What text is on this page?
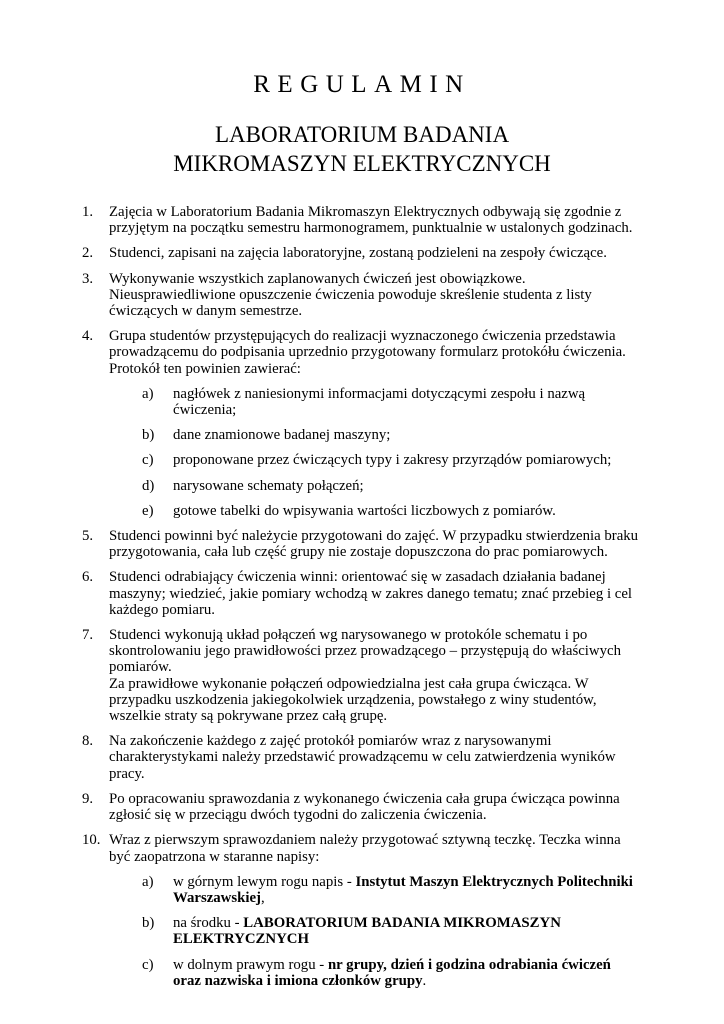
REGULAMIN
LABORATORIUM BADANIA
MIKROMASZYN ELEKTRYCZNYCH
1.	Zajęcia w Laboratorium Badania Mikromaszyn Elektrycznych odbywają się zgodnie z przyjętym na początku semestru harmonogramem, punktualnie w ustalonych godzinach.
2.	Studenci, zapisani na zajęcia laboratoryjne, zostaną podzieleni na zespoły ćwiczące.
3.	Wykonywanie wszystkich zaplanowanych ćwiczeń jest obowiązkowe. Nieusprawiedliwione opuszczenie ćwiczenia powoduje skreślenie studenta z listy ćwiczących w danym semestrze.
4.	Grupa studentów przystępujących do realizacji wyznaczonego ćwiczenia przedstawia prowadzącemu do podpisania uprzednio przygotowany formularz protokółu ćwiczenia. Protokół ten powinien zawierać:
a) nagłówek z naniesionymi informacjami dotyczącymi zespołu i nazwą ćwiczenia;
b) dane znamionowe badanej maszyny;
c) proponowane przez ćwiczących typy i zakresy przyrządów pomiarowych;
d) narysowane schematy połączeń;
e) gotowe tabelki do wpisywania wartości liczbowych z pomiarów.
5.	Studenci powinni być należycie przygotowani do zajęć. W przypadku stwierdzenia braku przygotowania, cała lub część grupy nie zostaje dopuszczona do prac pomiarowych.
6.	Studenci odrabiający ćwiczenia winni: orientować się w zasadach działania badanej maszyny; wiedzieć, jakie pomiary wchodzą w zakres danego tematu; znać przebieg i cel każdego pomiaru.
7.	Studenci wykonują układ połączeń wg narysowanego w protokóle schematu i po skontrolowaniu jego prawidłowości przez prowadzącego – przystępują do właściwych pomiarów.
Za prawidłowe wykonanie połączeń odpowiedzialna jest cała grupa ćwicząca. W przypadku uszkodzenia jakiegokolwiek urządzenia, powstałego z winy studentów, wszelkie straty są pokrywane przez całą grupę.
8.	Na zakończenie każdego z zajęć protokół pomiarów wraz z narysowanymi charakterystykami należy przedstawić prowadzącemu w celu zatwierdzenia wyników pracy.
9.	Po opracowaniu sprawozdania z wykonanego ćwiczenia cała grupa ćwicząca powinna zgłosić się w przeciągu dwóch tygodni do zaliczenia ćwiczenia.
10. Wraz z pierwszym sprawozdaniem należy przygotować sztywną teczkę. Teczka winna być zaopatrzona w staranne napisy:
a) w górnym lewym rogu napis - Instytut Maszyn Elektrycznych Politechniki Warszawskiej,
b) na środku - LABORATORIUM BADANIA MIKROMASZYN ELEKTRYCZNYCH
c) w dolnym prawym rogu - nr grupy, dzień i godzina odrabiania ćwiczeń oraz nazwiska i imiona członków grupy.
